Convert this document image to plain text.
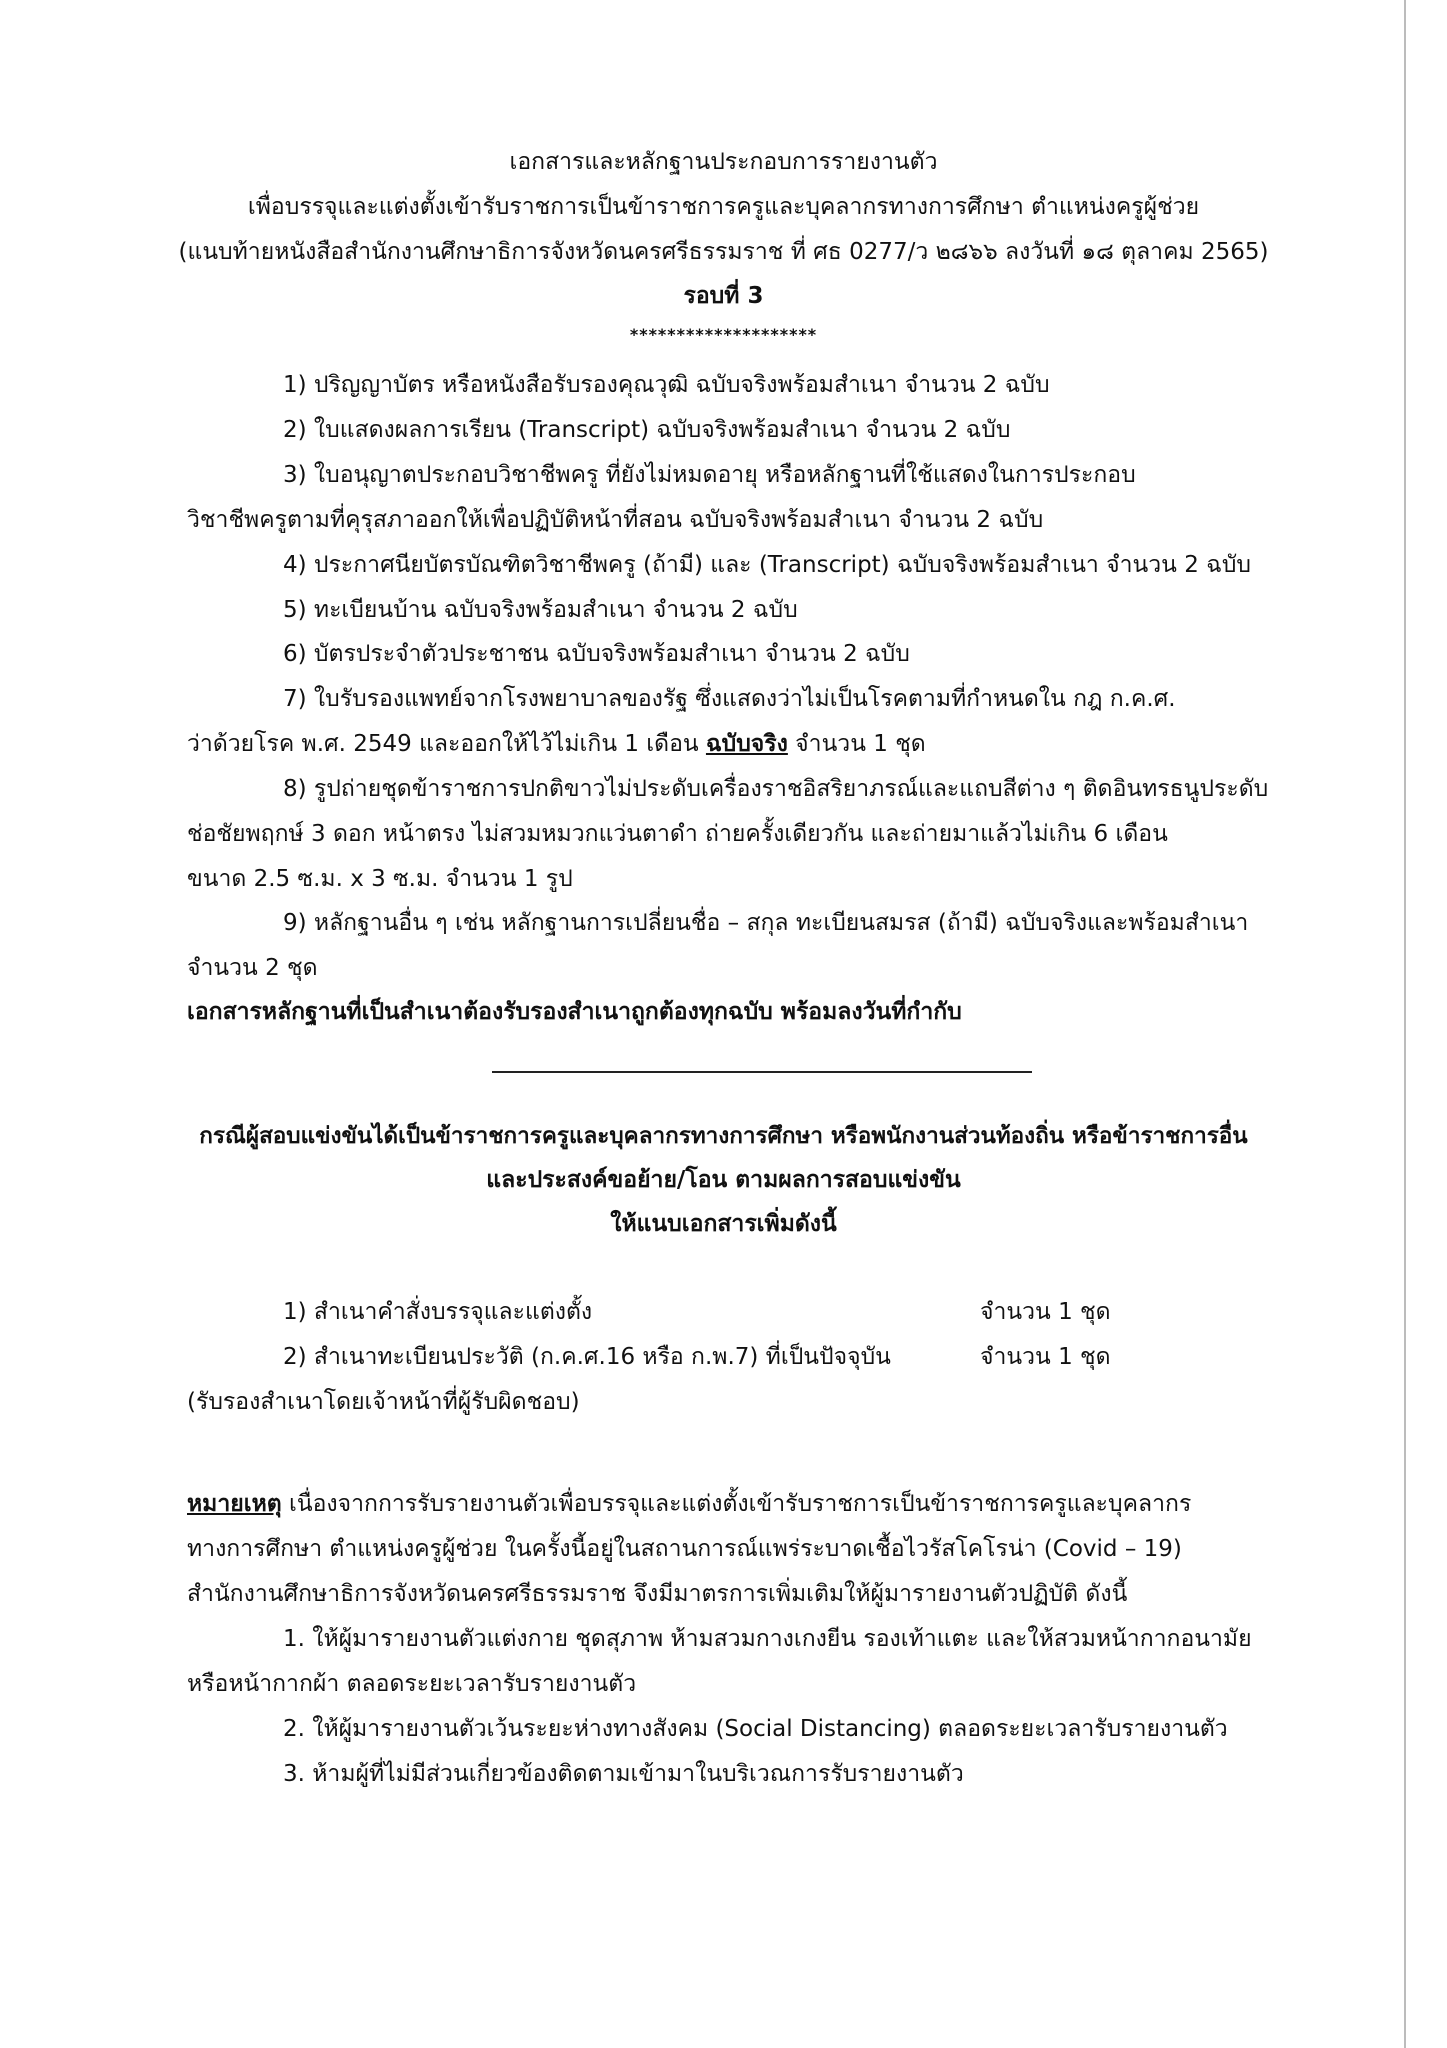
เอกสารและหลักฐานประกอบการรายงานตัว
เพื่อบรรจุและแต่งตั้งเข้ารับราชการเป็นข้าราชการครูและบุคลากรทางการศึกษา ตำแหน่งครูผู้ช่วย
(แนบท้ายหนังสือสำนักงานศึกษาธิการจังหวัดนครศรีธรรมราช ที่ ศธ 0277/ว ๒๘๖๖ ลงวันที่ ๑๘ ตุลาคม 2565)
รอบที่ 3
********************
1) ปริญญาบัตร หรือหนังสือรับรองคุณวุฒิ ฉบับจริงพร้อมสำเนา จำนวน 2 ฉบับ
2) ใบแสดงผลการเรียน (Transcript) ฉบับจริงพร้อมสำเนา จำนวน 2 ฉบับ
3) ใบอนุญาตประกอบวิชาชีพครู ที่ยังไม่หมดอายุ หรือหลักฐานที่ใช้แสดงในการประกอบ
วิชาชีพครูตามที่คุรุสภาออกให้เพื่อปฏิบัติหน้าที่สอน ฉบับจริงพร้อมสำเนา จำนวน 2 ฉบับ
4) ประกาศนียบัตรบัณฑิตวิชาชีพครู (ถ้ามี) และ (Transcript) ฉบับจริงพร้อมสำเนา จำนวน 2 ฉบับ
5) ทะเบียนบ้าน ฉบับจริงพร้อมสำเนา จำนวน 2 ฉบับ
6) บัตรประจำตัวประชาชน ฉบับจริงพร้อมสำเนา จำนวน 2 ฉบับ
7) ใบรับรองแพทย์จากโรงพยาบาลของรัฐ ซึ่งแสดงว่าไม่เป็นโรคตามที่กำหนดใน กฎ ก.ค.ศ.
ว่าด้วยโรค พ.ศ. 2549 และออกให้ไว้ไม่เกิน 1 เดือน ฉบับจริง จำนวน 1 ชุด
8) รูปถ่ายชุดข้าราชการปกติขาวไม่ประดับเครื่องราชอิสริยาภรณ์และแถบสีต่าง ๆ ติดอินทรธนูประดับ
ช่อชัยพฤกษ์ 3 ดอก หน้าตรง ไม่สวมหมวกแว่นตาดำ ถ่ายครั้งเดียวกัน และถ่ายมาแล้วไม่เกิน 6 เดือน
ขนาด 2.5 ซ.ม. x 3 ซ.ม. จำนวน 1 รูป
9) หลักฐานอื่น ๆ เช่น หลักฐานการเปลี่ยนชื่อ – สกุล ทะเบียนสมรส (ถ้ามี) ฉบับจริงและพร้อมสำเนา
จำนวน 2 ชุด
เอกสารหลักฐานที่เป็นสำเนาต้องรับรองสำเนาถูกต้องทุกฉบับ พร้อมลงวันที่กำกับ
กรณีผู้สอบแข่งขันได้เป็นข้าราชการครูและบุคลากรทางการศึกษา หรือพนักงานส่วนท้องถิ่น หรือข้าราชการอื่น
และประสงค์ขอย้าย/โอน ตามผลการสอบแข่งขัน
ให้แนบเอกสารเพิ่มดังนี้
1) สำเนาคำสั่งบรรจุและแต่งตั้ง	จำนวน 1 ชุด
2) สำเนาทะเบียนประวัติ (ก.ค.ศ.16 หรือ ก.พ.7) ที่เป็นปัจจุบัน	จำนวน 1 ชุด
(รับรองสำเนาโดยเจ้าหน้าที่ผู้รับผิดชอบ)
หมายเหตุ เนื่องจากการรับรายงานตัวเพื่อบรรจุและแต่งตั้งเข้ารับราชการเป็นข้าราชการครูและบุคลากร
ทางการศึกษา ตำแหน่งครูผู้ช่วย ในครั้งนี้อยู่ในสถานการณ์แพร่ระบาดเชื้อไวรัสโคโรน่า (Covid – 19)
สำนักงานศึกษาธิการจังหวัดนครศรีธรรมราช จึงมีมาตรการเพิ่มเติมให้ผู้มารายงานตัวปฏิบัติ ดังนี้
1. ให้ผู้มารายงานตัวแต่งกาย ชุดสุภาพ ห้ามสวมกางเกงยีน รองเท้าแตะ และให้สวมหน้ากากอนามัย
หรือหน้ากากผ้า ตลอดระยะเวลารับรายงานตัว
2. ให้ผู้มารายงานตัวเว้นระยะห่างทางสังคม (Social Distancing) ตลอดระยะเวลารับรายงานตัว
3. ห้ามผู้ที่ไม่มีส่วนเกี่ยวข้องติดตามเข้ามาในบริเวณการรับรายงานตัว
